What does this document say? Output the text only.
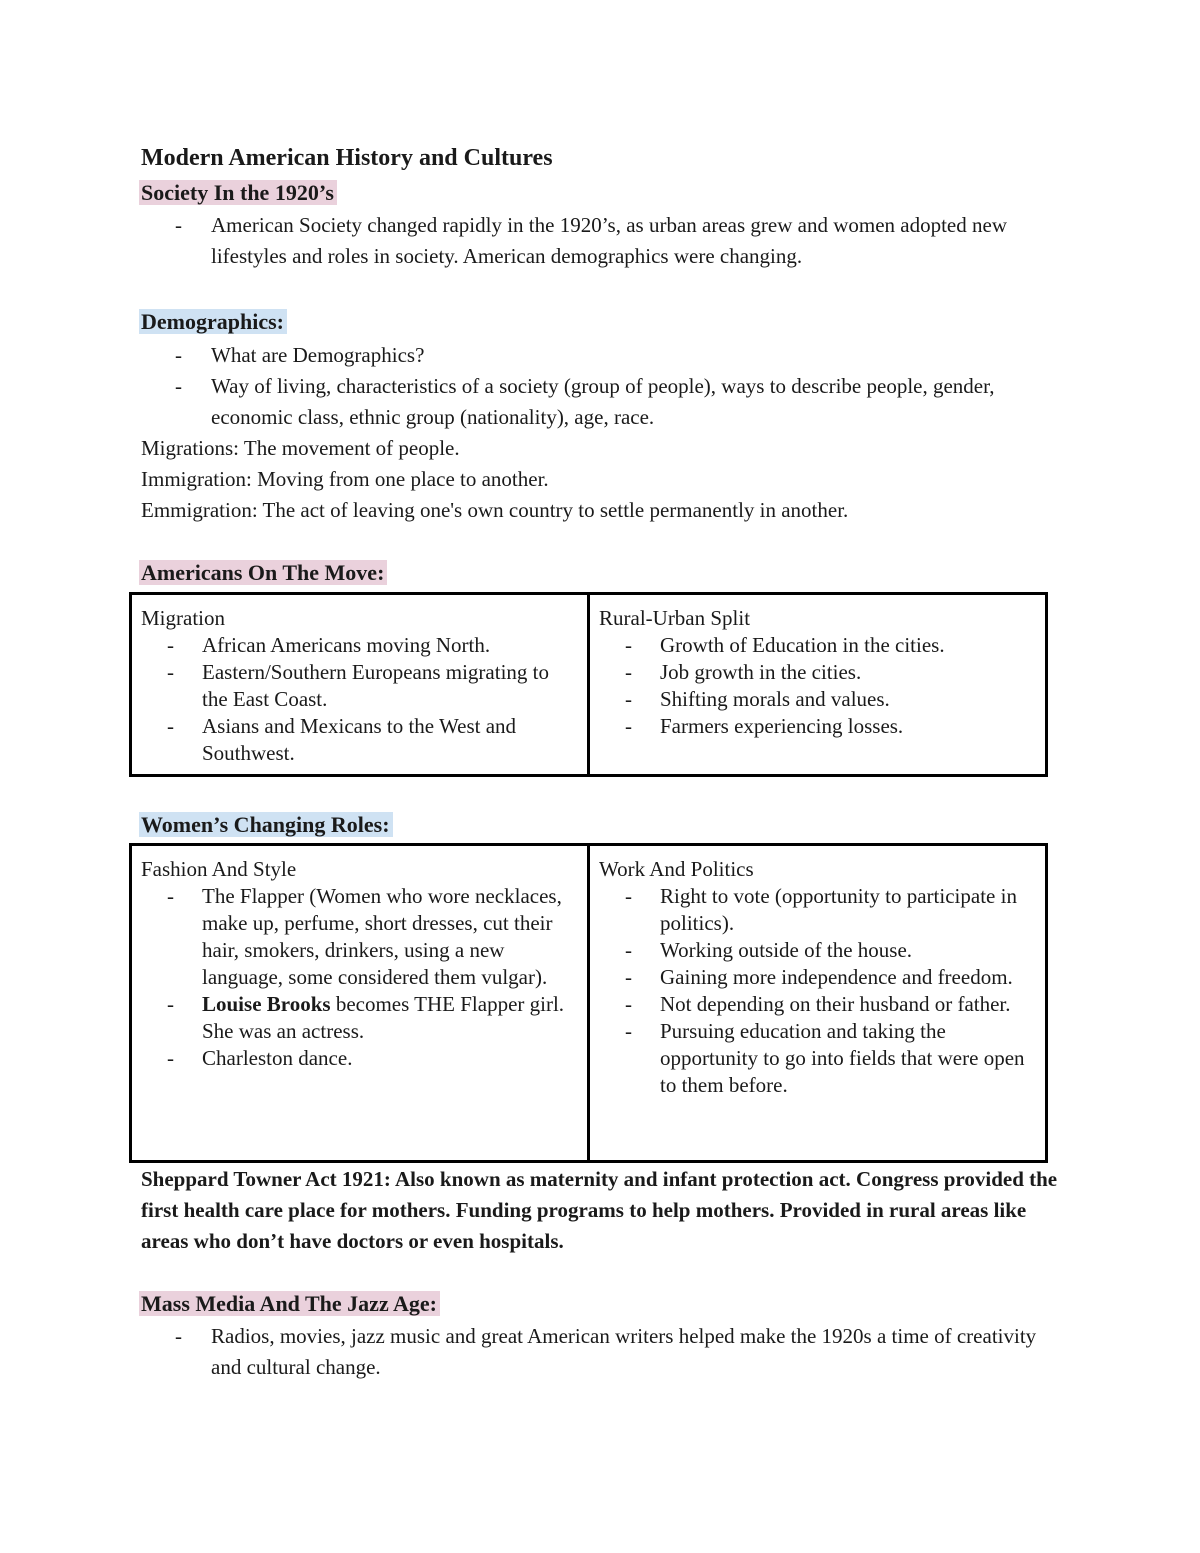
Modern American History and Cultures
Society In the 1920’s
-	American Society changed rapidly in the 1920’s, as urban areas grew and women adopted new lifestyles and roles in society. American demographics were changing.
Demographics:
-	What are Demographics?
-	Way of living, characteristics of a society (group of people), ways to describe people, gender, economic class, ethnic group (nationality), age, race.
Migrations: The movement of people.
Immigration: Moving from one place to another.
Emmigration: The act of leaving one's own country to settle permanently in another.
Americans On The Move:
Migration
-	African Americans moving North.
-	Eastern/Southern Europeans migrating to the East Coast.
-	Asians and Mexicans to the West and Southwest.

Rural-Urban Split
-	Growth of Education in the cities.
-	Job growth in the cities.
-	Shifting morals and values.
-	Farmers experiencing losses.
Women’s Changing Roles:
Fashion And Style
-	The Flapper (Women who wore necklaces, make up, perfume, short dresses, cut their hair, smokers, drinkers, using a new language, some considered them vulgar).
-	Louise Brooks becomes THE Flapper girl. She was an actress.
-	Charleston dance.

Work And Politics
-	Right to vote (opportunity to participate in politics).
-	Working outside of the house.
-	Gaining more independence and freedom.
-	Not depending on their husband or father.
-	Pursuing education and taking the opportunity to go into fields that were open to them before.
Sheppard Towner Act 1921: Also known as maternity and infant protection act. Congress provided the first health care place for mothers. Funding programs to help mothers. Provided in rural areas like areas who don’t have doctors or even hospitals.
Mass Media And The Jazz Age:
-	Radios, movies, jazz music and great American writers helped make the 1920s a time of creativity and cultural change.
